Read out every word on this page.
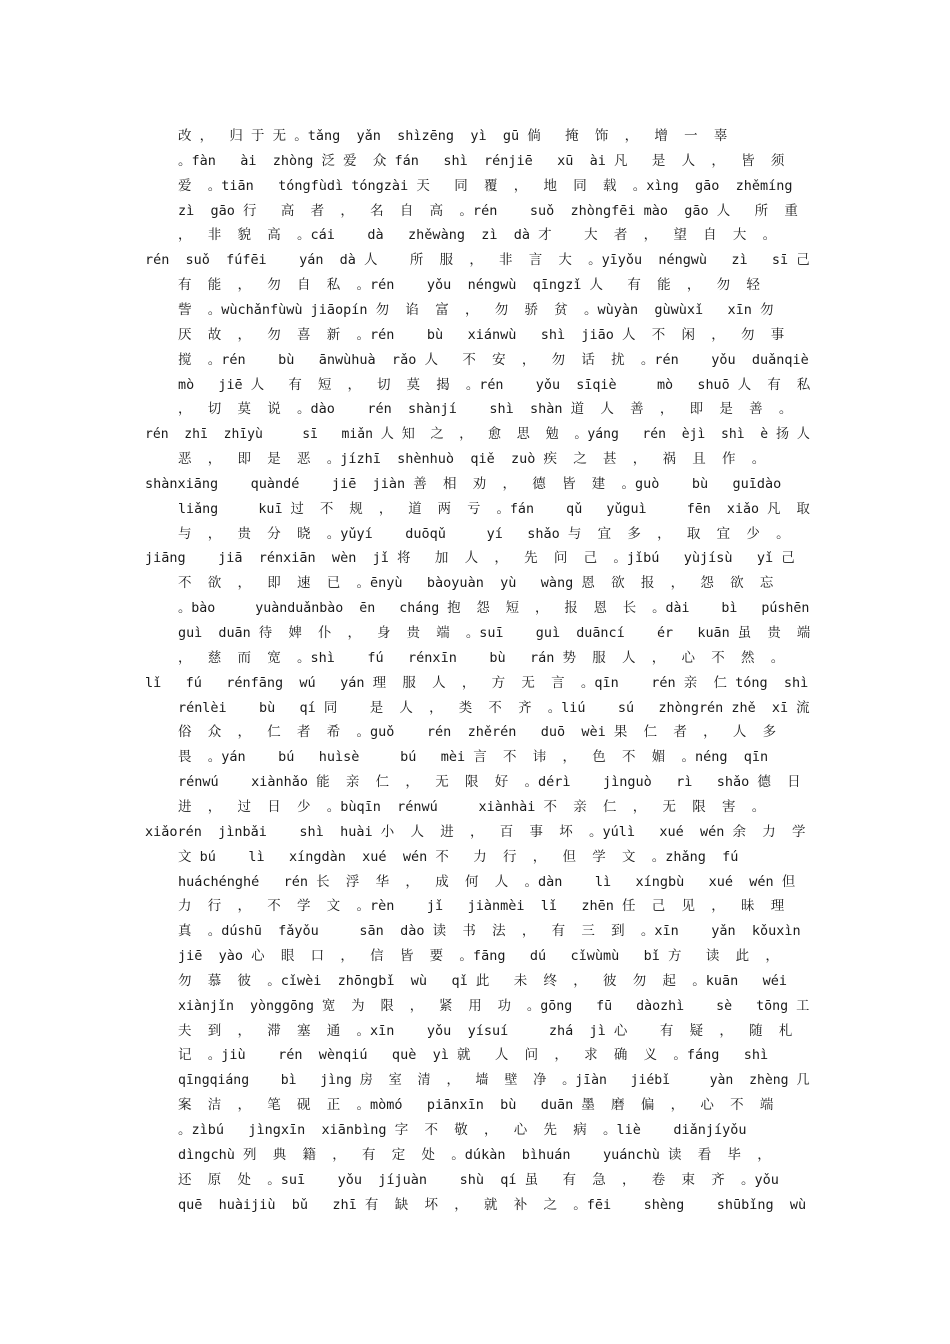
改 ，  归 于 无 。tǎng  yǎn  shìzēng  yì  gū 倘   掩  饰  ，  增  一  辜
。fàn   ài  zhòng 泛 爱  众 fán   shì  rénjiē   xū  ài 凡   是  人  ，  皆  须
爱  。tiān   tóngfùdì tóngzài 天   同  覆  ，  地  同  载  。xìng  gāo  zhěmíng
zì  gāo 行   高  者  ，  名  自  高  。rén    suǒ  zhòngfēi mào  gāo 人   所  重
，  非  貌  高  。cái    dà   zhěwàng  zì  dà 才    大  者  ，  望  自  大  。
rén  suǒ  fúfēi    yán  dà 人    所  服  ，  非  言  大  。yīyǒu  néngwù   zì   sī 己
有  能  ，  勿  自  私  。rén    yǒu  néngwù  qīngzǐ 人   有  能  ，  勿  轻
訾  。wùchǎnfùwù jiāopín 勿  谄  富  ，  勿  骄  贫  。wùyàn  gùwùxǐ   xīn 勿
厌  故  ，  勿  喜  新  。rén    bù   xiánwù   shì  jiāo 人  不  闲  ，  勿  事
搅  。rén    bù   ānwùhuà  rǎo 人   不  安  ，  勿  话  扰  。rén    yǒu  duǎnqiè
mò   jiē 人   有  短  ，  切  莫  揭  。rén    yǒu  sīqiè     mò   shuō 人  有  私
，  切  莫  说  。dào    rén  shànjí    shì  shàn 道  人  善  ，  即  是  善  。
rén  zhī  zhīyù     sī   miǎn 人 知  之  ，  愈  思  勉  。yáng   rén  èjì  shì  è 扬 人
恶  ，  即  是  恶  。jízhī  shènhuò  qiě  zuò 疾  之  甚  ，  祸  且  作  。
shànxiāng    quàndé    jiē  jiàn 善  相  劝  ，  德  皆  建  。guò    bù   guīdào
liǎng     kuī 过  不  规  ，  道  两  亏  。fán    qǔ   yǔguì     fēn  xiǎo 凡  取
与  ，  贵  分  晓  。yǔyí    duōqǔ     yí   shǎo 与  宜  多  ，  取  宜  少  。
jiāng    jiā  rénxiān  wèn  jǐ 将   加  人  ，  先  问  己  。jǐbú   yùjísù   yǐ 己
不  欲  ，  即  速  已  。ēnyù   bàoyuàn  yù   wàng 恩  欲  报  ，  怨  欲  忘
。bào     yuànduǎnbào  ēn   cháng 抱  怨  短  ，  报  恩  长  。dài    bì   púshēn
guì  duān 待  婢  仆  ，  身  贵  端  。suī    guì  duāncí    ér   kuān 虽  贵  端
，  慈  而  宽  。shì    fú   rénxīn    bù   rán 势  服  人  ，  心  不  然  。
lǐ   fú   rénfāng  wú   yán 理  服  人  ，  方  无  言  。qīn    rén 亲  仁 tóng  shì
rénlèi    bù   qí 同    是  人  ，  类  不  齐  。liú    sú   zhòngrén zhě  xī 流
俗  众  ，  仁  者  希  。guǒ    rén  zhěrén   duō  wèi 果  仁  者  ，  人  多
畏  。yán    bú   huìsè     bú   mèi 言  不  讳  ，  色  不  媚  。néng  qīn
rénwú    xiànhǎo 能  亲  仁  ，  无  限  好  。dérì    jìnguò   rì   shǎo 德  日
进  ，  过  日  少  。bùqīn  rénwú     xiànhài 不  亲  仁  ，  无  限  害  。
xiǎorén  jìnbǎi    shì  huài 小  人  进  ，  百  事  坏  。yúlì   xué  wén 余  力  学
文 bú    lì   xíngdàn  xué  wén 不   力  行  ，  但  学  文  。zhǎng  fú
huáchénghé   rén 长  浮  华  ，  成  何  人  。dàn    lì   xíngbù   xué  wén 但
力  行  ，  不  学  文  。rèn    jǐ   jiànmèi  lǐ   zhēn 任  己  见  ，  昧  理
真  。dúshū  fǎyǒu     sān  dào 读  书  法  ，  有  三  到  。xīn    yǎn  kǒuxìn
jiē  yào 心  眼  口  ，  信  皆  要  。fāng   dú   cǐwùmù   bǐ 方   读  此  ，
勿  慕  彼  。cǐwèi  zhōngbǐ  wù   qǐ 此   未  终  ，  彼  勿  起  。kuān   wéi
xiànjǐn  yònggōng 宽  为  限  ，  紧  用  功  。gōng   fū   dàozhì    sè   tōng 工
夫  到  ，  滞  塞  通  。xīn    yǒu  yísuí     zhá  jì 心    有  疑  ，  随  札
记  。jiù    rén  wènqiú   què  yì 就   人  问  ，  求  确  义  。fáng   shì
qīngqiáng    bì   jìng 房  室  清  ，  墙  壁  净  。jīàn   jiébǐ     yàn  zhèng 几
案  洁  ，  笔  砚  正  。mòmó   piānxīn  bù   duān 墨  磨  偏  ，  心  不  端
。zìbú   jìngxīn  xiānbìng 字  不  敬  ，  心  先  病  。liè    diǎnjíyǒu
dìngchù 列  典  籍  ，  有  定  处  。dúkàn  bìhuán    yuánchù 读  看  毕  ，
还  原  处  。suī    yǒu  jíjuàn    shù  qí 虽   有  急  ，  卷  束  齐  。yǒu
quē  huàijiù  bǔ   zhī 有  缺  坏  ，  就  补  之  。fēi    shèng    shūbǐng  wù
